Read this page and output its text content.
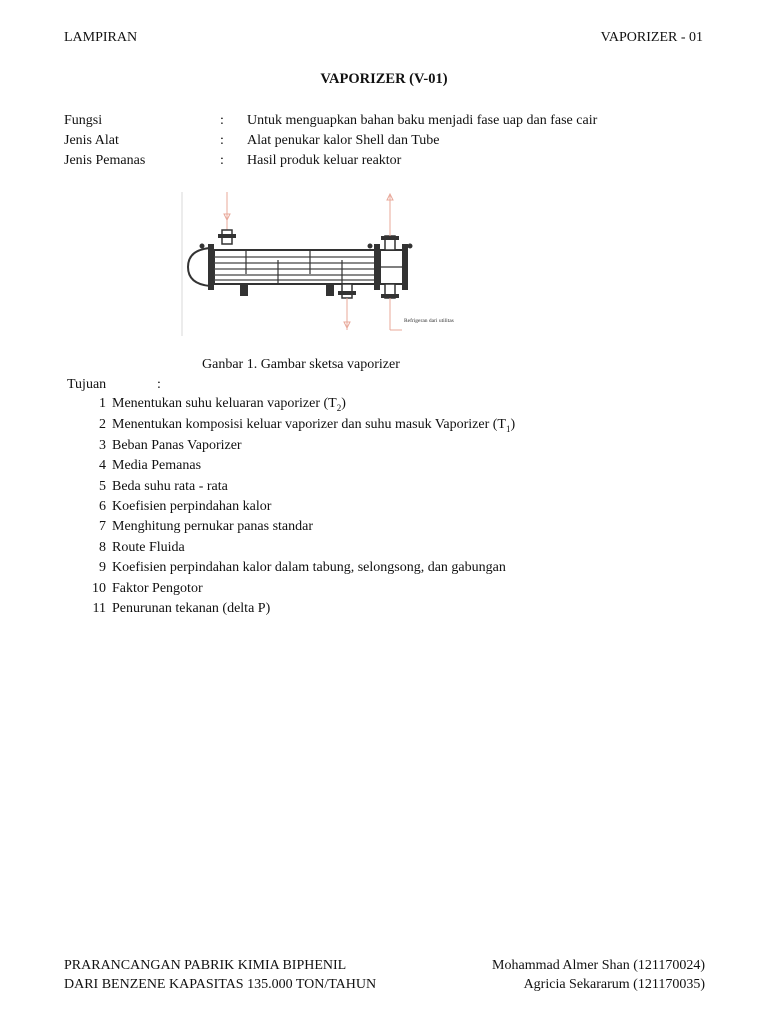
LAMPIRAN	VAPORIZER - 01
VAPORIZER (V-01)
Fungsi	: Untuk menguapkan bahan baku menjadi fase uap dan fase cair
Jenis Alat	: Alat penukar kalor Shell dan Tube
Jenis Pemanas	: Hasil produk keluar reaktor
Refrigeran dari utilitas
Ganbar 1. Gambar sketsa vaporizer
Tujuan	:
1 Menentukan suhu keluaran vaporizer $(T_2)$
2 Menentukan komposisi keluar vaporizer dan suhu masuk Vaporizer $(T_1)$
3 Beban Panas Vaporizer
4 Media Pemanas
5 Beda suhu rata - rata
6 Koefisien perpindahan kalor
7 Menghitung pernukar panas standar
8 Route Fluida
9 Koefisien perpindahan kalor dalam tabung, selongsong, dan gabungan
10 Faktor Pengotor
11 Penurunan tekanan (delta P)
PRARANCANGAN PABRIK KIMIA BIPHENIL
DARI BENZENE KAPASITAS 135.000 TON/TAHUN
Mohammad Almer Shan (121170024)
Agricia Sekararum (121170035)
